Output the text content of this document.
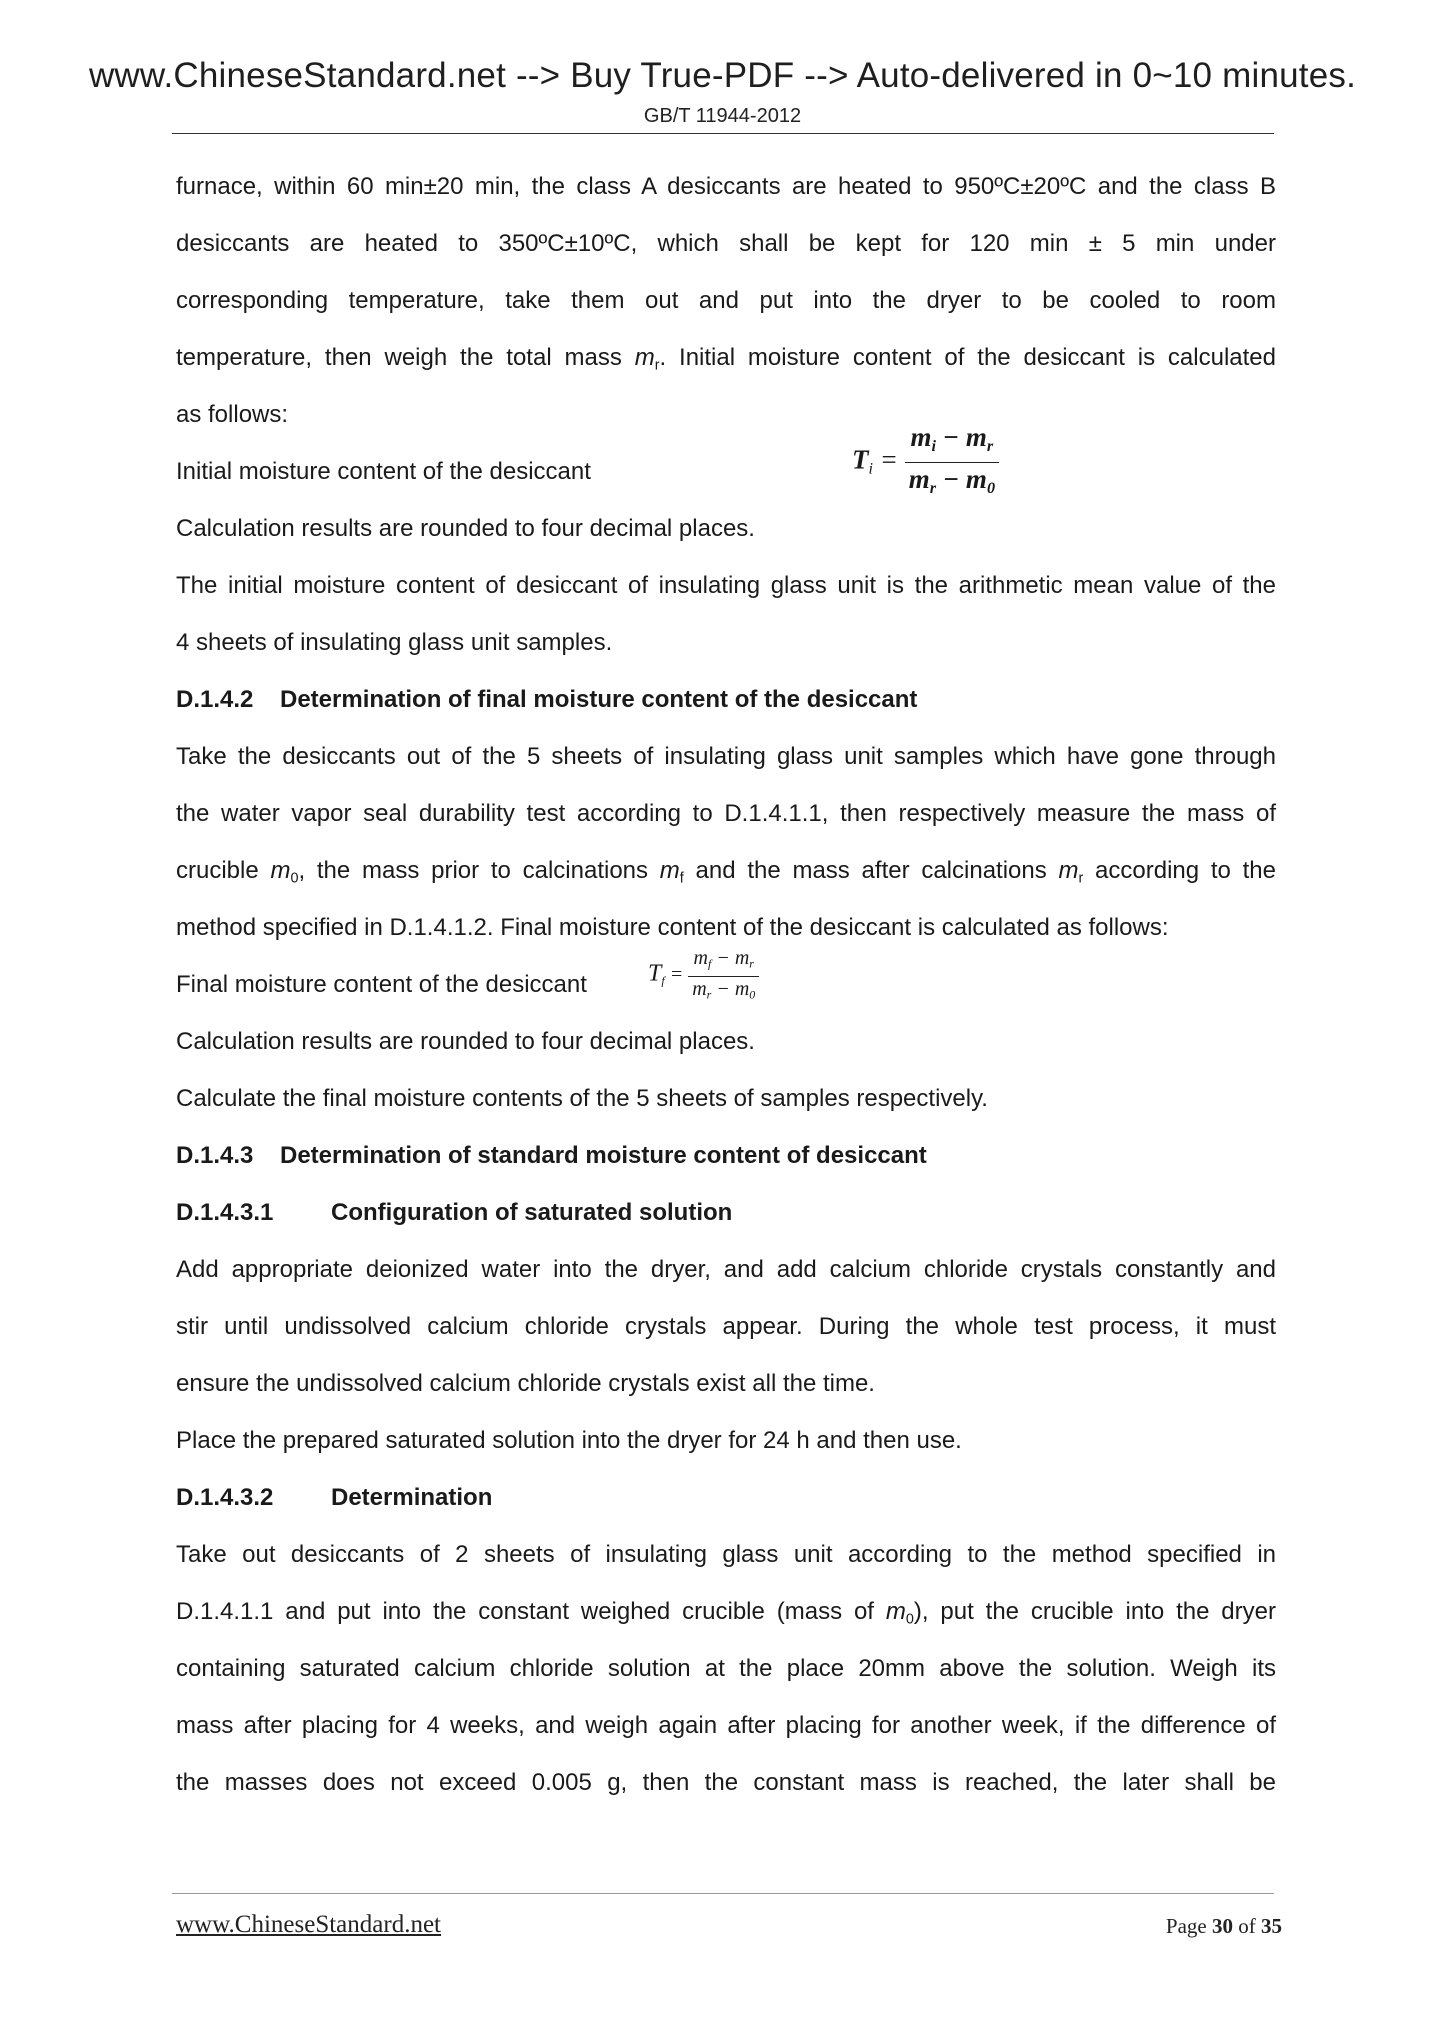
www.ChineseStandard.net --> Buy True-PDF --> Auto-delivered in 0~10 minutes.
GB/T 11944-2012

furnace, within 60 min±20 min, the class A desiccants are heated to 950ºC±20ºC and the class B

desiccants are heated to 350ºC±10ºC, which shall be kept for 120 min ± 5 min under

corresponding temperature, take them out and put into the dryer to be cooled to room

temperature, then weigh the total mass $m_r$. Initial moisture content of the desiccant is calculated

as follows:

Initial moisture content of the desiccant	$T_i = \frac{m_i - m_r}{m_r - m_0}$

Calculation results are rounded to four decimal places.

The initial moisture content of desiccant of insulating glass unit is the arithmetic mean value of the

4 sheets of insulating glass unit samples.

D.1.4.2 Determination of final moisture content of the desiccant

Take the desiccants out of the 5 sheets of insulating glass unit samples which have gone through

the water vapor seal durability test according to D.1.4.1.1, then respectively measure the mass of

crucible $m_0$, the mass prior to calcinations $m_f$ and the mass after calcinations $m_r$ according to the

method specified in D.1.4.1.2. Final moisture content of the desiccant is calculated as follows:

Final moisture content of the desiccant	$T_f = \frac{m_f - m_r}{m_r - m_0}$

Calculation results are rounded to four decimal places.

Calculate the final moisture contents of the 5 sheets of samples respectively.

D.1.4.3 Determination of standard moisture content of desiccant

D.1.4.3.1 Configuration of saturated solution

Add appropriate deionized water into the dryer, and add calcium chloride crystals constantly and

stir until undissolved calcium chloride crystals appear. During the whole test process, it must

ensure the undissolved calcium chloride crystals exist all the time.

Place the prepared saturated solution into the dryer for 24 h and then use.

D.1.4.3.2 Determination

Take out desiccants of 2 sheets of insulating glass unit according to the method specified in

D.1.4.1.1 and put into the constant weighed crucible (mass of $m_0$), put the crucible into the dryer

containing saturated calcium chloride solution at the place 20mm above the solution. Weigh its

mass after placing for 4 weeks, and weigh again after placing for another week, if the difference of

the masses does not exceed 0.005 g, then the constant mass is reached, the later shall be

www.ChineseStandard.net	Page 30 of 35
